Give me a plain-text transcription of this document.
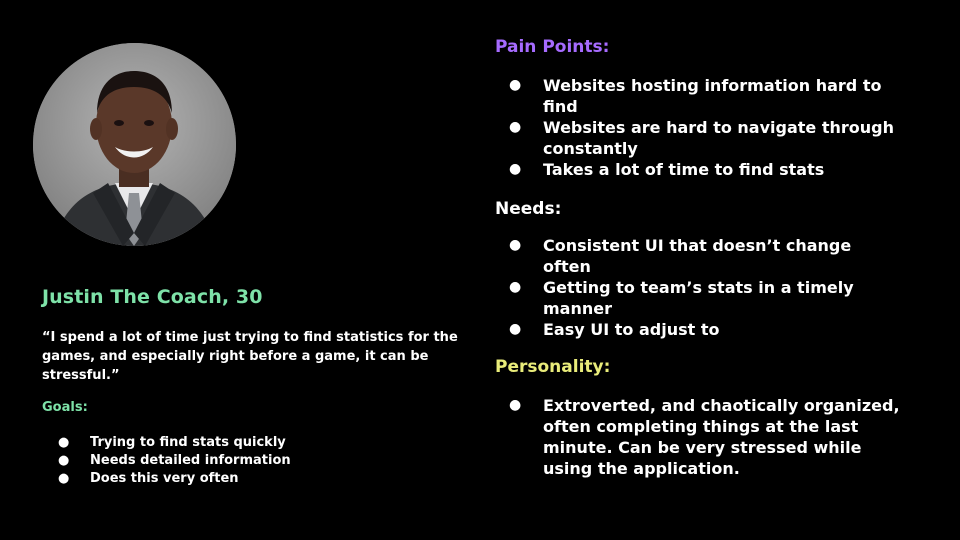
Justin The Coach, 30
“I spend a lot of time just trying to find statistics for the games, and especially right before a game, it can be stressful.”
Goals:
● Trying to find stats quickly
● Needs detailed information
● Does this very often
Pain Points:
● Websites hosting information hard to find
● Websites are hard to navigate through constantly
● Takes a lot of time to find stats
Needs:
● Consistent UI that doesn’t change often
● Getting to team’s stats in a timely manner
● Easy UI to adjust to
Personality:
● Extroverted, and chaotically organized, often completing things at the last minute. Can be very stressed while using the application.
